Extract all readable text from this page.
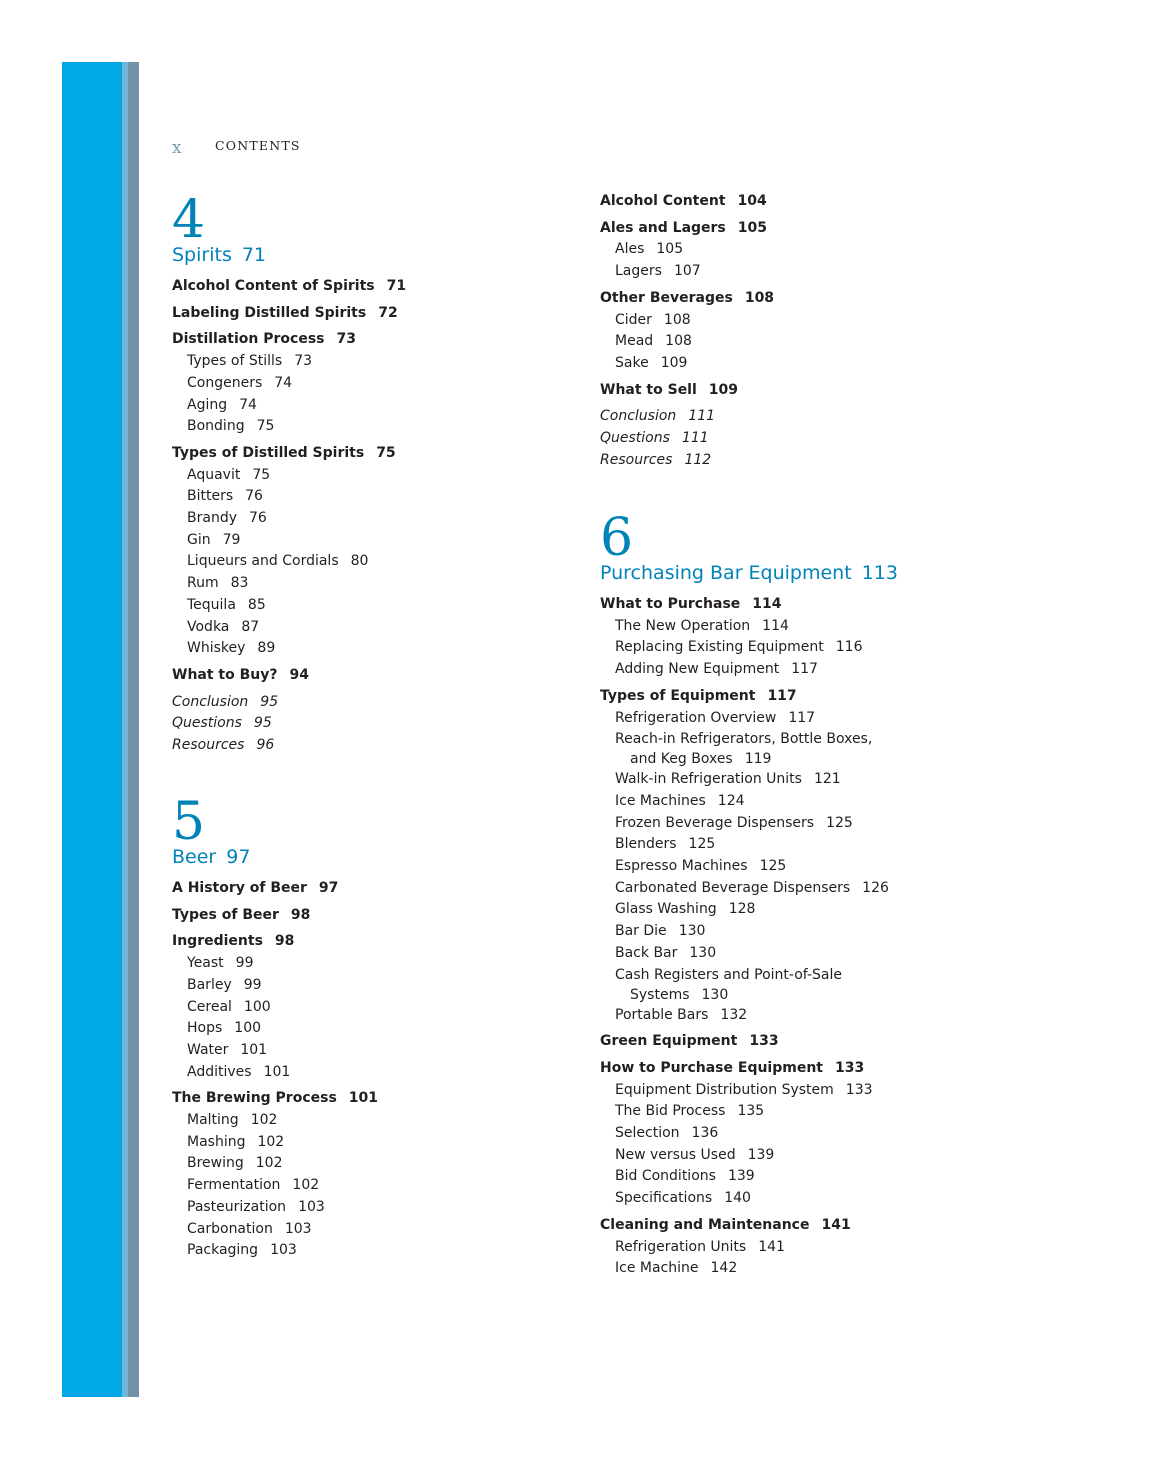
x	CONTENTS
4
Spirits 71
Alcohol Content of Spirits 71
Labeling Distilled Spirits 72
Distillation Process 73
Types of Stills 73
Congeners 74
Aging 74
Bonding 75
Types of Distilled Spirits 75
Aquavit 75
Bitters 76
Brandy 76
Gin 79
Liqueurs and Cordials 80
Rum 83
Tequila 85
Vodka 87
Whiskey 89
What to Buy? 94
Conclusion 95
Questions 95
Resources 96
5
Beer 97
A History of Beer 97
Types of Beer 98
Ingredients 98
Yeast 99
Barley 99
Cereal 100
Hops 100
Water 101
Additives 101
The Brewing Process 101
Malting 102
Mashing 102
Brewing 102
Fermentation 102
Pasteurization 103
Carbonation 103
Packaging 103
Alcohol Content 104
Ales and Lagers 105
Ales 105
Lagers 107
Other Beverages 108
Cider 108
Mead 108
Sake 109
What to Sell 109
Conclusion 111
Questions 111
Resources 112
6
Purchasing Bar Equipment 113
What to Purchase 114
The New Operation 114
Replacing Existing Equipment 116
Adding New Equipment 117
Types of Equipment 117
Refrigeration Overview 117
Reach-in Refrigerators, Bottle Boxes,
and Keg Boxes 119
Walk-in Refrigeration Units 121
Ice Machines 124
Frozen Beverage Dispensers 125
Blenders 125
Espresso Machines 125
Carbonated Beverage Dispensers 126
Glass Washing 128
Bar Die 130
Back Bar 130
Cash Registers and Point-of-Sale
Systems 130
Portable Bars 132
Green Equipment 133
How to Purchase Equipment 133
Equipment Distribution System 133
The Bid Process 135
Selection 136
New versus Used 139
Bid Conditions 139
Specifications 140
Cleaning and Maintenance 141
Refrigeration Units 141
Ice Machine 142
